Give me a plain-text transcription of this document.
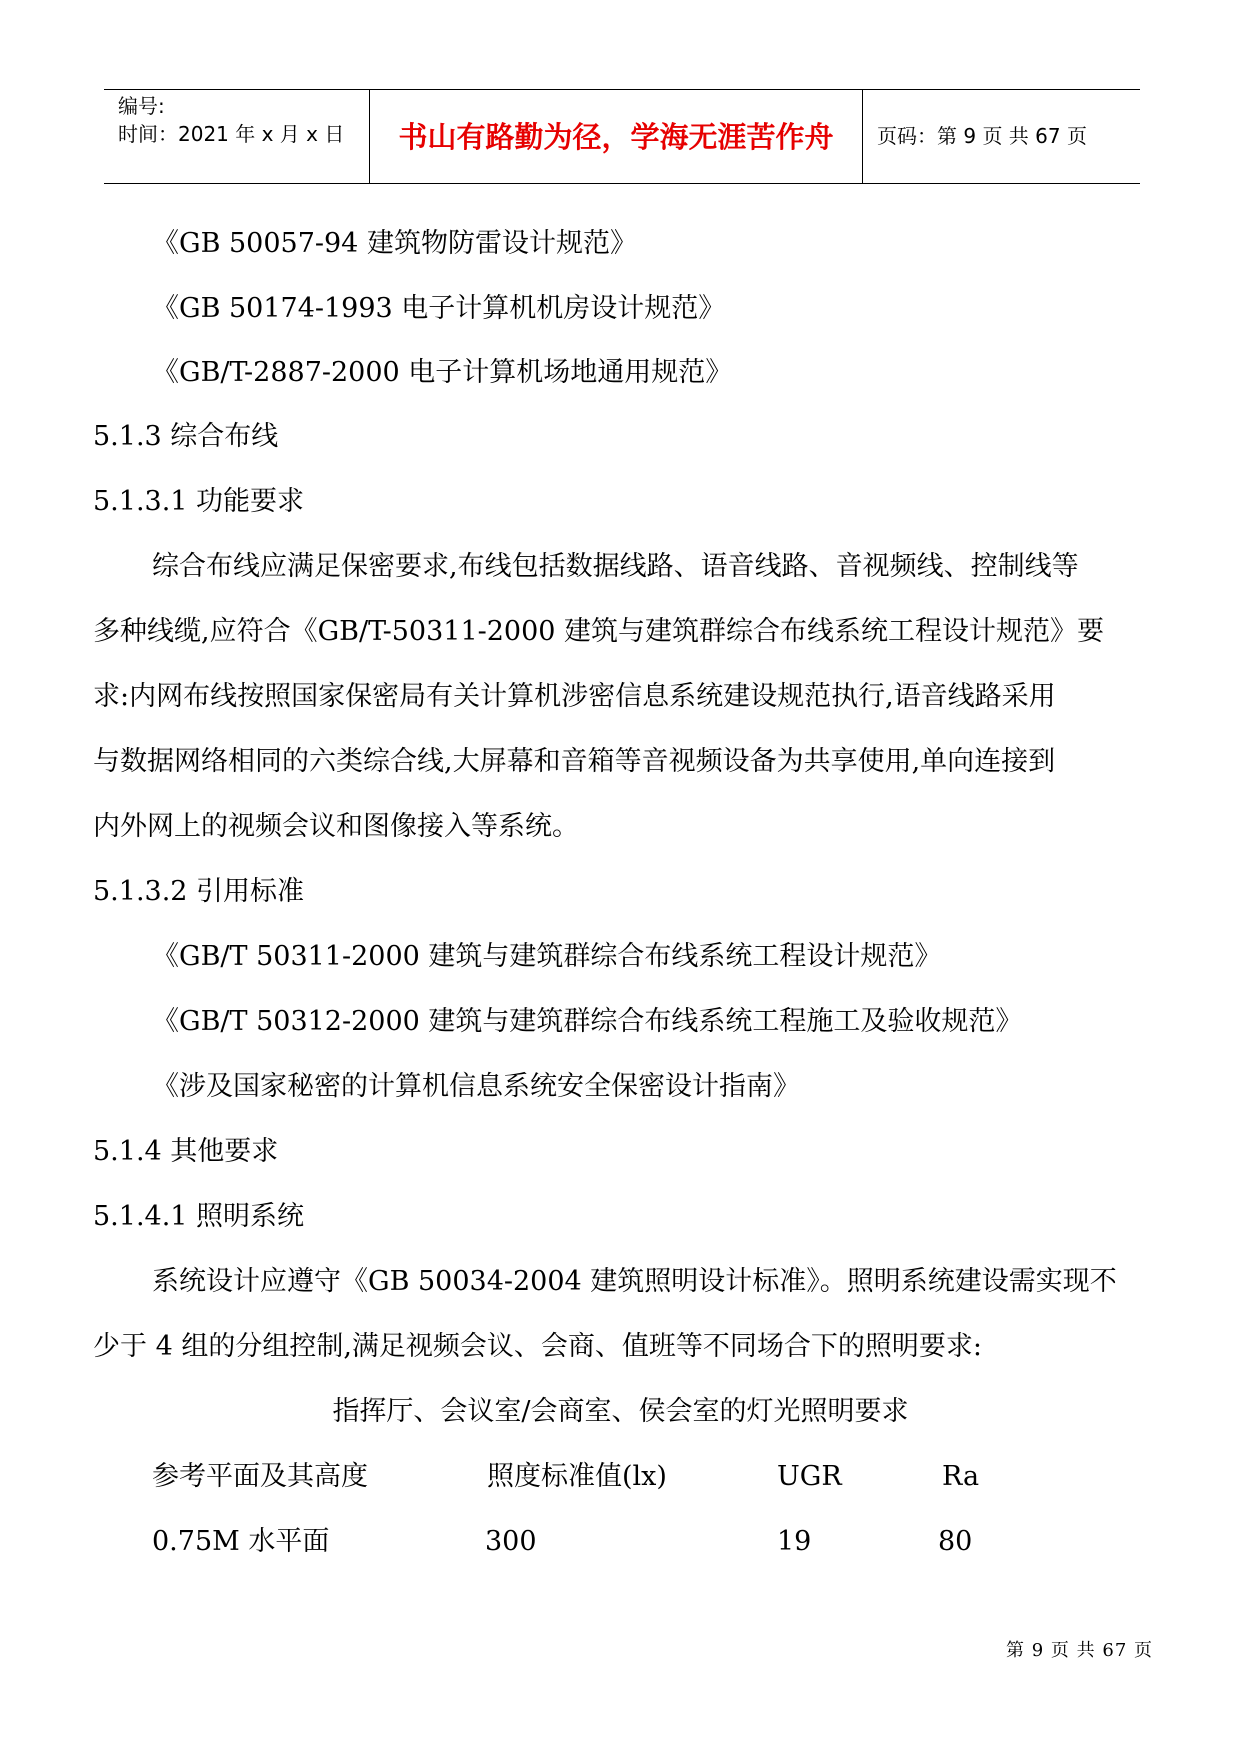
编号:
时间：2021 年 x 月 x 日	书山有路勤为径，学海无涯苦作舟	页码：第 9 页 共 67 页
《GB 50057-94 建筑物防雷设计规范》
《GB 50174-1993 电子计算机机房设计规范》
《GB/T-2887-2000 电子计算机场地通用规范》
5.1.3 综合布线
5.1.3.1 功能要求
综合布线应满足保密要求,布线包括数据线路、语音线路、音视频线、控制线等
多种线缆,应符合《GB/T-50311-2000 建筑与建筑群综合布线系统工程设计规范》要
求:内网布线按照国家保密局有关计算机涉密信息系统建设规范执行,语音线路采用
与数据网络相同的六类综合线,大屏幕和音箱等音视频设备为共享使用,单向连接到
内外网上的视频会议和图像接入等系统。
5.1.3.2 引用标准
《GB/T 50311-2000 建筑与建筑群综合布线系统工程设计规范》
《GB/T 50312-2000 建筑与建筑群综合布线系统工程施工及验收规范》
《涉及国家秘密的计算机信息系统安全保密设计指南》
5.1.4 其他要求
5.1.4.1 照明系统
系统设计应遵守《GB 50034-2004 建筑照明设计标准》。照明系统建设需实现不
少于 4 组的分组控制,满足视频会议、会商、值班等不同场合下的照明要求:
指挥厅、会议室/会商室、侯会室的灯光照明要求
参考平面及其高度	照度标准值(lx)	UGR	Ra
0.75M 水平面	300	19	80
第 9 页 共 67 页
